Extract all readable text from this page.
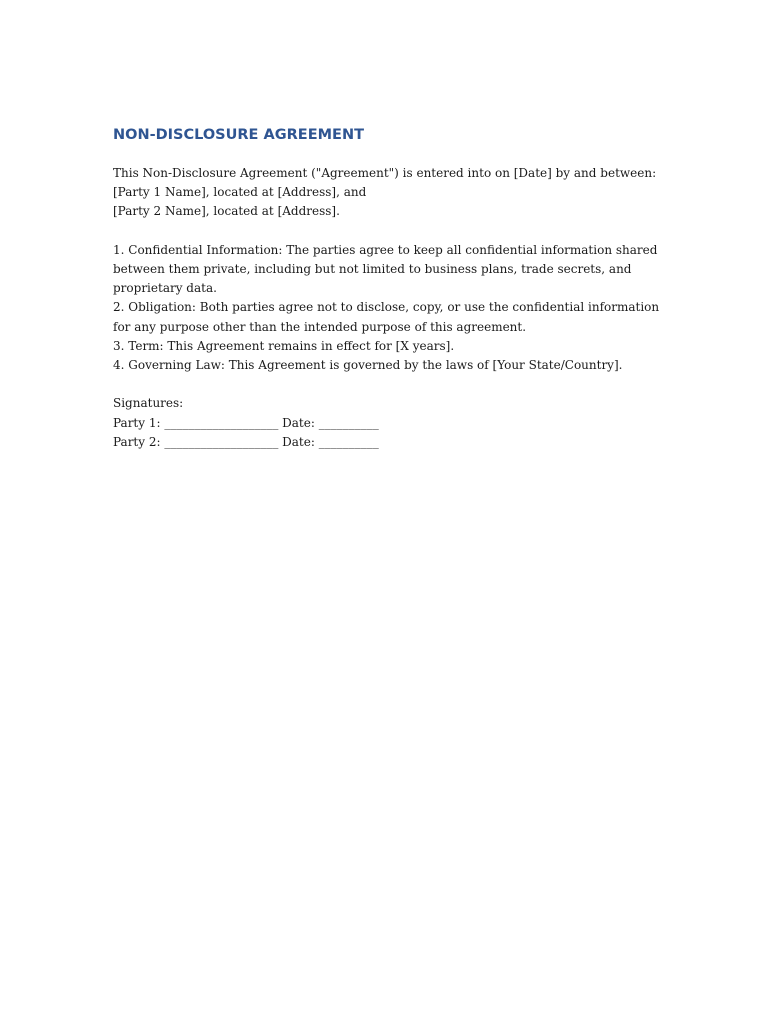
NON-DISCLOSURE AGREEMENT

This Non-Disclosure Agreement ("Agreement") is entered into on [Date] by and between:

[Party 1 Name], located at [Address], and

[Party 2 Name], located at [Address].

1. Confidential Information: The parties agree to keep all confidential information shared

between them private, including but not limited to business plans, trade secrets, and

proprietary data.

2. Obligation: Both parties agree not to disclose, copy, or use the confidential information

for any purpose other than the intended purpose of this agreement.

3. Term: This Agreement remains in effect for [X years].

4. Governing Law: This Agreement is governed by the laws of [Your State/Country].

Signatures:

Party 1: ___________________ Date: __________

Party 2: ___________________ Date: __________
